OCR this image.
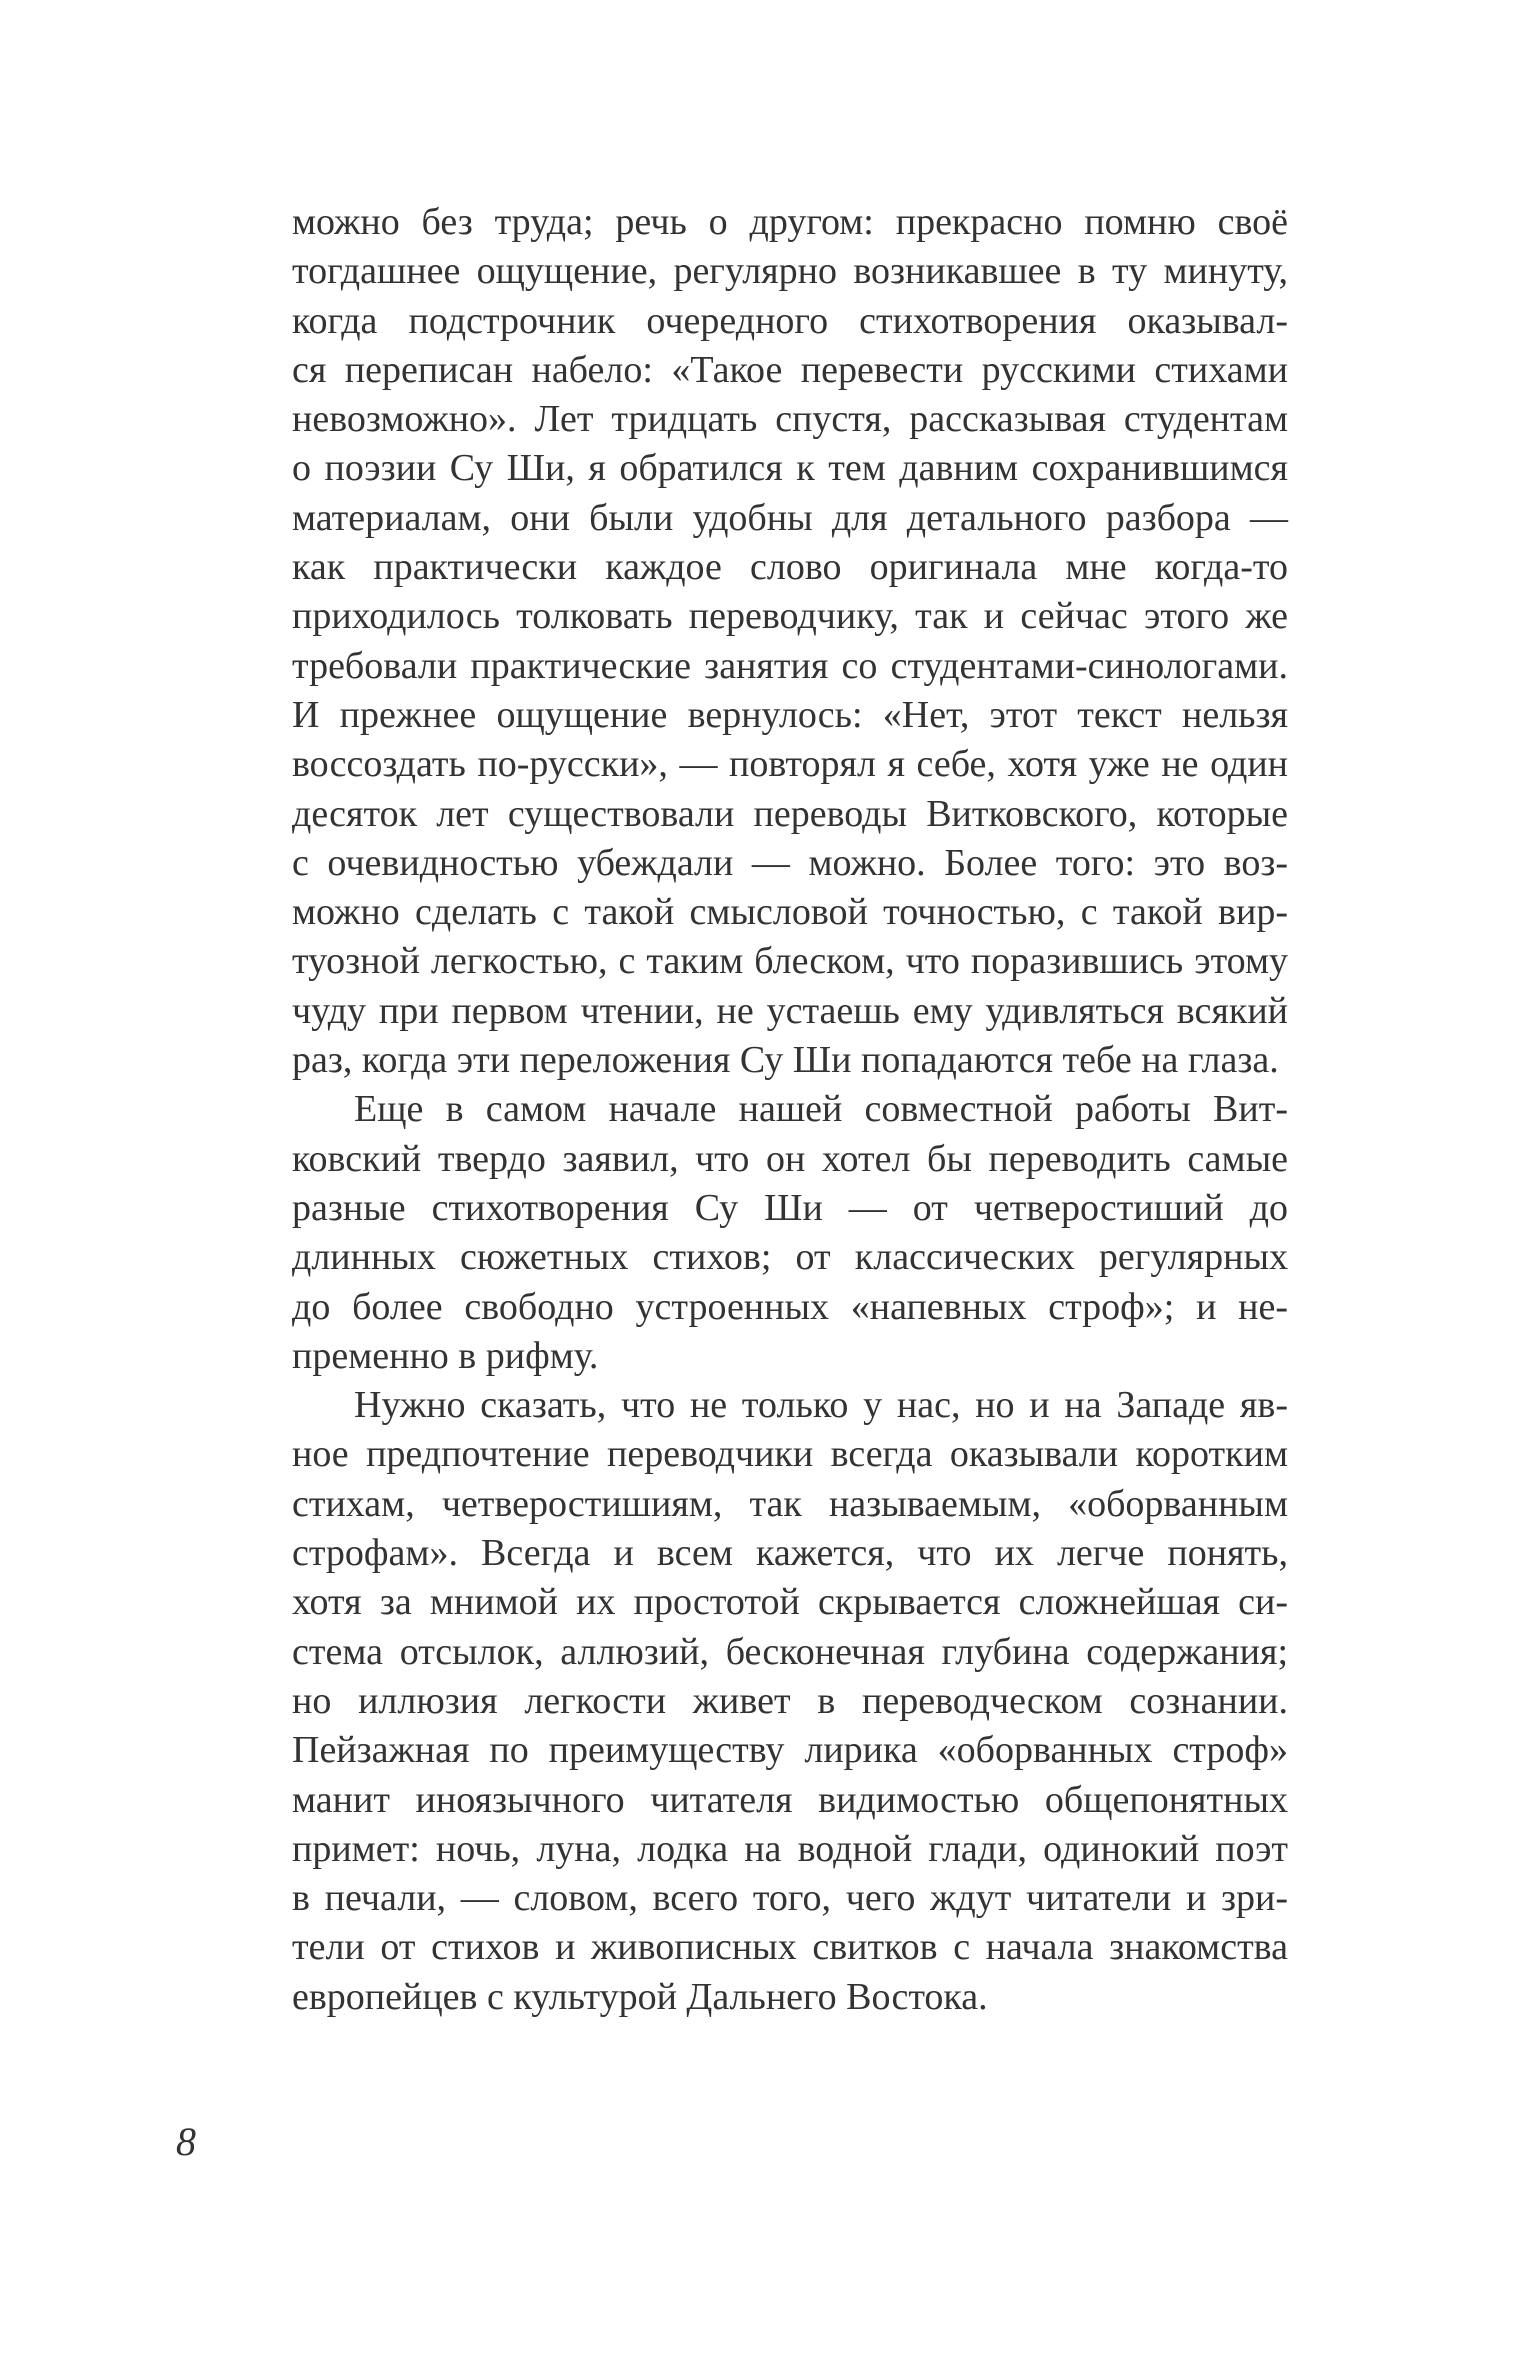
можно без труда; речь о другом: прекрасно помню своё
тогдашнее ощущение, регулярно возникавшее в ту минуту,
когда подстрочник очередного стихотворения оказывал-
ся переписан набело: «Такое перевести русскими стихами
невозможно». Лет тридцать спустя, рассказывая студентам
о поэзии Су Ши, я обратился к тем давним сохранившимся
материалам, они были удобны для детального разбора —
как практически каждое слово оригинала мне когда-то
приходилось толковать переводчику, так и сейчас этого же
требовали практические занятия со студентами-синологами.
И прежнее ощущение вернулось: «Нет, этот текст нельзя
воссоздать по-русски», — повторял я себе, хотя уже не один
десяток лет существовали переводы Витковского, которые
с очевидностью убеждали — можно. Более того: это воз-
можно сделать с такой смысловой точностью, с такой вир-
туозной легкостью, с таким блеском, что поразившись этому
чуду при первом чтении, не устаешь ему удивляться всякий
раз, когда эти переложения Су Ши попадаются тебе на глаза.
Еще в самом начале нашей совместной работы Вит-
ковский твердо заявил, что он хотел бы переводить самые
разные стихотворения Су Ши — от четверостиший до
длинных сюжетных стихов; от классических регулярных
до более свободно устроенных «напевных строф»; и не-
пременно в рифму.
Нужно сказать, что не только у нас, но и на Западе яв-
ное предпочтение переводчики всегда оказывали коротким
стихам, четверостишиям, так называемым, «оборванным
строфам». Всегда и всем кажется, что их легче понять,
хотя за мнимой их простотой скрывается сложнейшая си-
стема отсылок, аллюзий, бесконечная глубина содержания;
но иллюзия легкости живет в переводческом сознании.
Пейзажная по преимуществу лирика «оборванных строф»
манит иноязычного читателя видимостью общепонятных
примет: ночь, луна, лодка на водной глади, одинокий поэт
в печали, — словом, всего того, чего ждут читатели и зри-
тели от стихов и живописных свитков с начала знакомства
европейцев с культурой Дальнего Востока.
8
